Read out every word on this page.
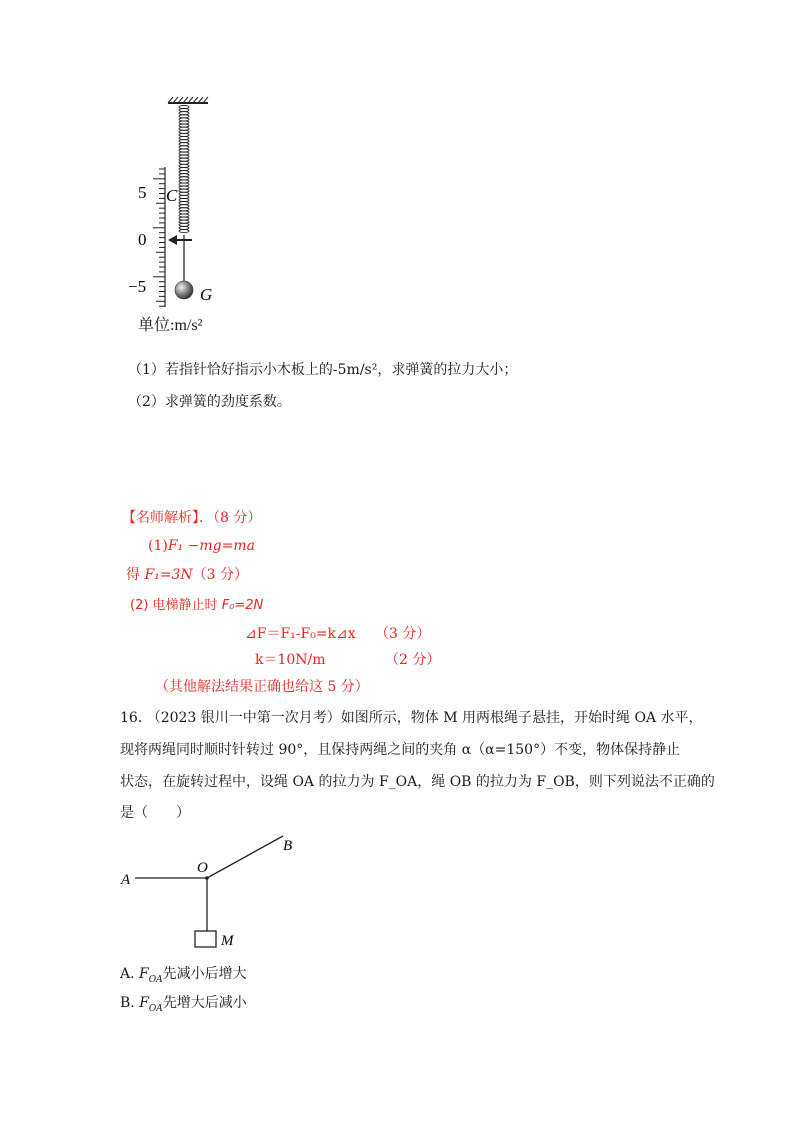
5
0
−5
C
G
单位:m/s²
（1）若指针恰好指示小木板上的-5m/s²，求弹簧的拉力大小；
（2）求弹簧的劲度系数。
【名师解析】．（8 分）
(1)F₁ −mg=ma
得 F₁=3N（3 分）
(2) 电梯静止时 F₀=2N
⊿F＝F₁-F₀=k⊿x （3 分）
k＝10N/m	（2 分）
（其他解法结果正确也给这 5 分）
16. （2023 银川一中第一次月考）如图所示，物体 M 用两根绳子悬挂，开始时绳 OA 水平，
现将两绳同时顺时针转过 90°，且保持两绳之间的夹角 α（α=150°）不变，物体保持静止
状态，在旋转过程中，设绳 OA 的拉力为 F_OA，绳 OB 的拉力为 F_OB，则下列说法不正确的
是（　　）
A
O
B
M
A. $F_{OA}$先减小后增大
B. $F_{OA}$先增大后减小
